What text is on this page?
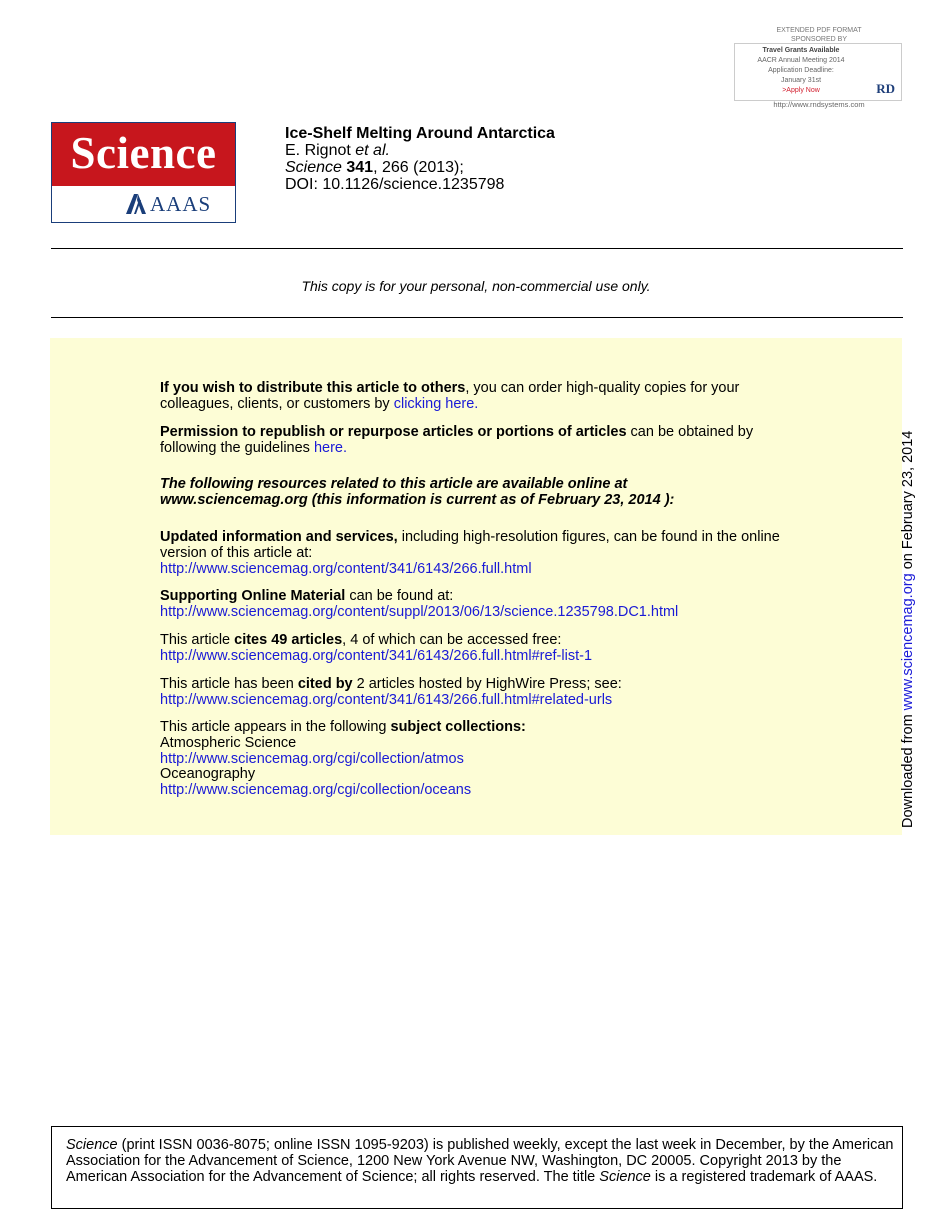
EXTENDED PDF FORMAT
SPONSORED BY
Travel Grants Available
AACR Annual Meeting 2014
Application Deadline:
January 31st
>Apply Now	RD
http://www.rndsystems.com
Science
AAAS
Ice-Shelf Melting Around Antarctica
E. Rignot et al.
Science 341, 266 (2013);
DOI: 10.1126/science.1235798
This copy is for your personal, non-commercial use only.
If you wish to distribute this article to others, you can order high-quality copies for your
colleagues, clients, or customers by clicking here.
Permission to republish or repurpose articles or portions of articles can be obtained by
following the guidelines here.
The following resources related to this article are available online at
www.sciencemag.org (this information is current as of February 23, 2014 ):
Updated information and services, including high-resolution figures, can be found in the online
version of this article at:
http://www.sciencemag.org/content/341/6143/266.full.html
Supporting Online Material can be found at:
http://www.sciencemag.org/content/suppl/2013/06/13/science.1235798.DC1.html
This article cites 49 articles, 4 of which can be accessed free:
http://www.sciencemag.org/content/341/6143/266.full.html#ref-list-1
This article has been cited by 2 articles hosted by HighWire Press; see:
http://www.sciencemag.org/content/341/6143/266.full.html#related-urls
This article appears in the following subject collections:
Atmospheric Science
http://www.sciencemag.org/cgi/collection/atmos
Oceanography
http://www.sciencemag.org/cgi/collection/oceans	Downloaded from www.sciencemag.org on February 23, 2014

Science (print ISSN 0036-8075; online ISSN 1095-9203) is published weekly, except the last week in December, by the American Association for the Advancement of Science, 1200 New York Avenue NW, Washington, DC 20005. Copyright 2013 by the American Association for the Advancement of Science; all rights reserved. The title Science is a registered trademark of AAAS.
